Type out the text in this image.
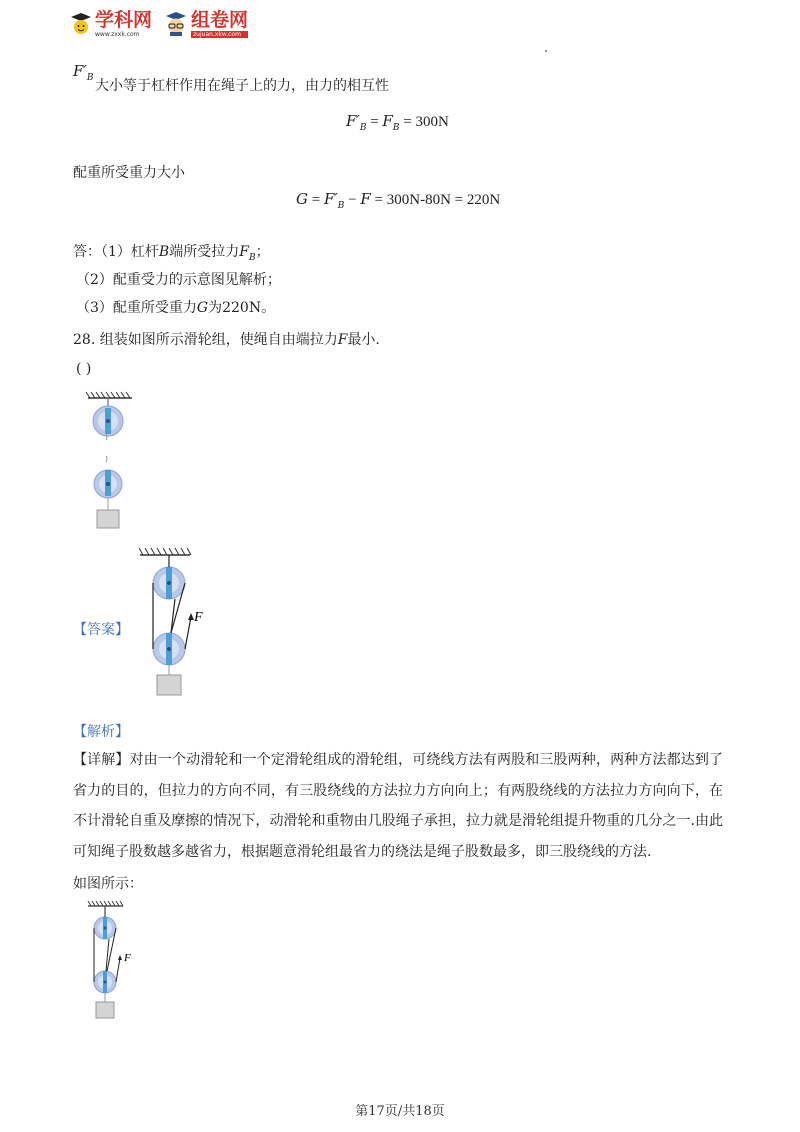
学科网
www.zxxk.com
组卷网
zujuan.xkw.com
$F'_B$ 大小等于杠杆作用在绳子上的力，由力的相互性
$F'_B = F_B = 300N$
配重所受重力大小
$G = F'_B - F = 300N-80N = 220N$
答：（1）杠杆B端所受拉力$F_B$；
（2）配重受力的示意图见解析；
（3）配重所受重力G为220N。
28. 组装如图所示滑轮组，使绳自由端拉力F最小.
( )
【答案】
F
【解析】
【详解】对由一个动滑轮和一个定滑轮组成的滑轮组，可绕线方法有两股和三股两种，两种方法都达到了省力的目的，但拉力的方向不同，有三股绕线的方法拉力方向向上；有两股绕线的方法拉力方向向下，在不计滑轮自重及摩擦的情况下，动滑轮和重物由几股绳子承担，拉力就是滑轮组提升物重的几分之一.由此可知绳子股数越多越省力，根据题意滑轮组最省力的绕法是绳子股数最多，即三股绕线的方法.
如图所示：
F
第17页/共18页
